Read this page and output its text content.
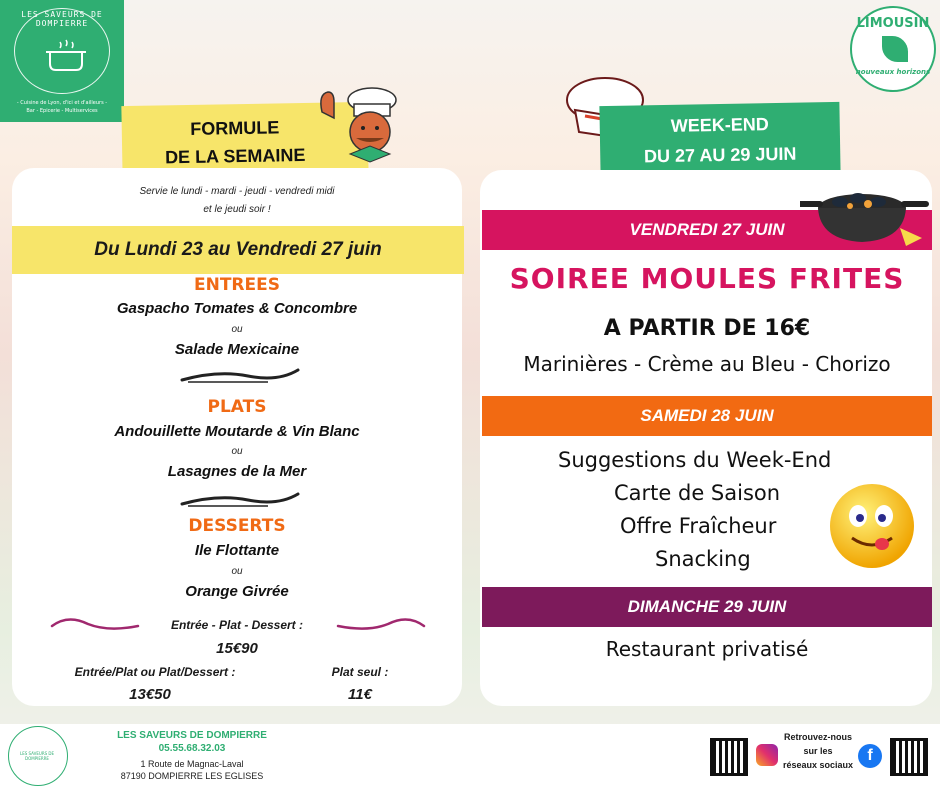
LES SAVEURS DE DOMPIERRE
- Cuisine de Lyon, d'ici et d'ailleurs -
Bar - Epicerie - Multiservices
LIMOUSIN
nouveaux horizons
FORMULE
DE LA SEMAINE
Servie le lundi - mardi - jeudi - vendredi midi
et le jeudi soir !
Du Lundi 23 au Vendredi 27 juin
ENTREES
Gaspacho Tomates & Concombre
ou
Salade Mexicaine
PLATS
Andouillette Moutarde & Vin Blanc
ou
Lasagnes de la Mer
DESSERTS
Ile Flottante
ou
Orange Givrée
Entrée - Plat - Dessert :
15€90
Entrée/Plat ou Plat/Dessert :
13€50
Plat seul :
11€
WEEK-END
DU 27 AU 29 JUIN
VENDREDI 27 JUIN
SOIREE MOULES FRITES
A PARTIR DE 16€
Marinières - Crème au Bleu - Chorizo
SAMEDI 28 JUIN
Suggestions du Week-End
Carte de Saison
Offre Fraîcheur
Snacking
DIMANCHE 29 JUIN
Restaurant privatisé
LES SAVEURS DE DOMPIERRE
LES SAVEURS DE DOMPIERRE
05.55.68.32.03
1 Route de Magnac-Laval
87190 DOMPIERRE LES EGLISES
Retrouvez-nous
sur les
réseaux sociaux
f
